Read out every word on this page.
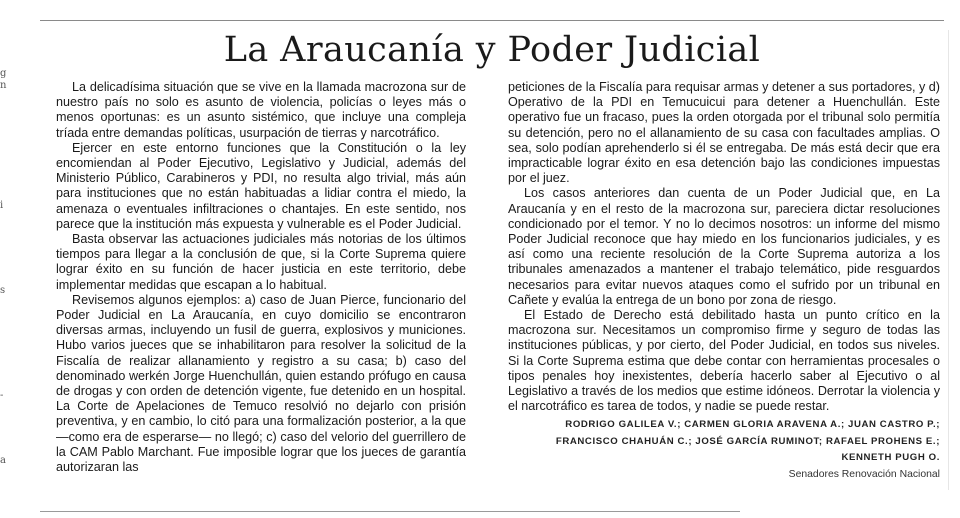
g
n
i
s
-
a
La Araucanía y Poder Judicial

La delicadísima situación que se vive en la llamada macrozona sur de nuestro país no solo es asunto de violencia, policías o leyes más o menos oportunas: es un asunto sistémico, que incluye una compleja tríada entre demandas políticas, usurpación de tierras y narcotráfico.

Ejercer en este entorno funciones que la Constitución o la ley encomiendan al Poder Ejecutivo, Legislativo y Judicial, además del Ministerio Público, Carabineros y PDI, no resulta algo trivial, más aún para instituciones que no están habituadas a lidiar contra el miedo, la amenaza o eventuales infiltraciones o chantajes. En este sentido, nos parece que la institución más expuesta y vulnerable es el Poder Judicial.

Basta observar las actuaciones judiciales más notorias de los últimos tiempos para llegar a la conclusión de que, si la Corte Suprema quiere lograr éxito en su función de hacer justicia en este territorio, debe implementar medidas que escapan a lo habitual.

Revisemos algunos ejemplos: a) caso de Juan Pierce, funcionario del Poder Judicial en La Araucanía, en cuyo domicilio se encontraron diversas armas, incluyendo un fusil de guerra, explosivos y municiones. Hubo varios jueces que se inhabilitaron para resolver la solicitud de la Fiscalía de realizar allanamiento y registro a su casa; b) caso del denominado werkén Jorge Huenchullán, quien estando prófugo en causa de drogas y con orden de detención vigente, fue detenido en un hospital. La Corte de Apelaciones de Temuco resolvió no dejarlo con prisión preventiva, y en cambio, lo citó para una formalización posterior, a la que —como era de esperarse— no llegó; c) caso del velorio del guerrillero de la CAM Pablo Marchant. Fue imposible lograr que los jueces de garantía autorizaran las

peticiones de la Fiscalía para requisar armas y detener a sus portadores, y d) Operativo de la PDI en Temucuicui para detener a Huenchullán. Este operativo fue un fracaso, pues la orden otorgada por el tribunal solo permitía su detención, pero no el allanamiento de su casa con facultades amplias. O sea, solo podían aprehenderlo si él se entregaba. De más está decir que era impracticable lograr éxito en esa detención bajo las condiciones impuestas por el juez.

Los casos anteriores dan cuenta de un Poder Judicial que, en La Araucanía y en el resto de la macrozona sur, pareciera dictar resoluciones condicionado por el temor. Y no lo decimos nosotros: un informe del mismo Poder Judicial reconoce que hay miedo en los funcionarios judiciales, y es así como una reciente resolución de la Corte Suprema autoriza a los tribunales amenazados a mantener el trabajo telemático, pide resguardos necesarios para evitar nuevos ataques como el sufrido por un tribunal en Cañete y evalúa la entrega de un bono por zona de riesgo.

El Estado de Derecho está debilitado hasta un punto crítico en la macrozona sur. Necesitamos un compromiso firme y seguro de todas las instituciones públicas, y por cierto, del Poder Judicial, en todos sus niveles. Si la Corte Suprema estima que debe contar con herramientas procesales o tipos penales hoy inexistentes, debería hacerlo saber al Ejecutivo o al Legislativo a través de los medios que estime idóneos. Derrotar la violencia y el narcotráfico es tarea de todos, y nadie se puede restar.

RODRIGO GALILEA V.; CARMEN GLORIA ARAVENA A.; JUAN CASTRO P.;
FRANCISCO CHAHUÁN C.; JOSÉ GARCÍA RUMINOT; RAFAEL PROHENS E.;
KENNETH PUGH O.
Senadores Renovación Nacional
